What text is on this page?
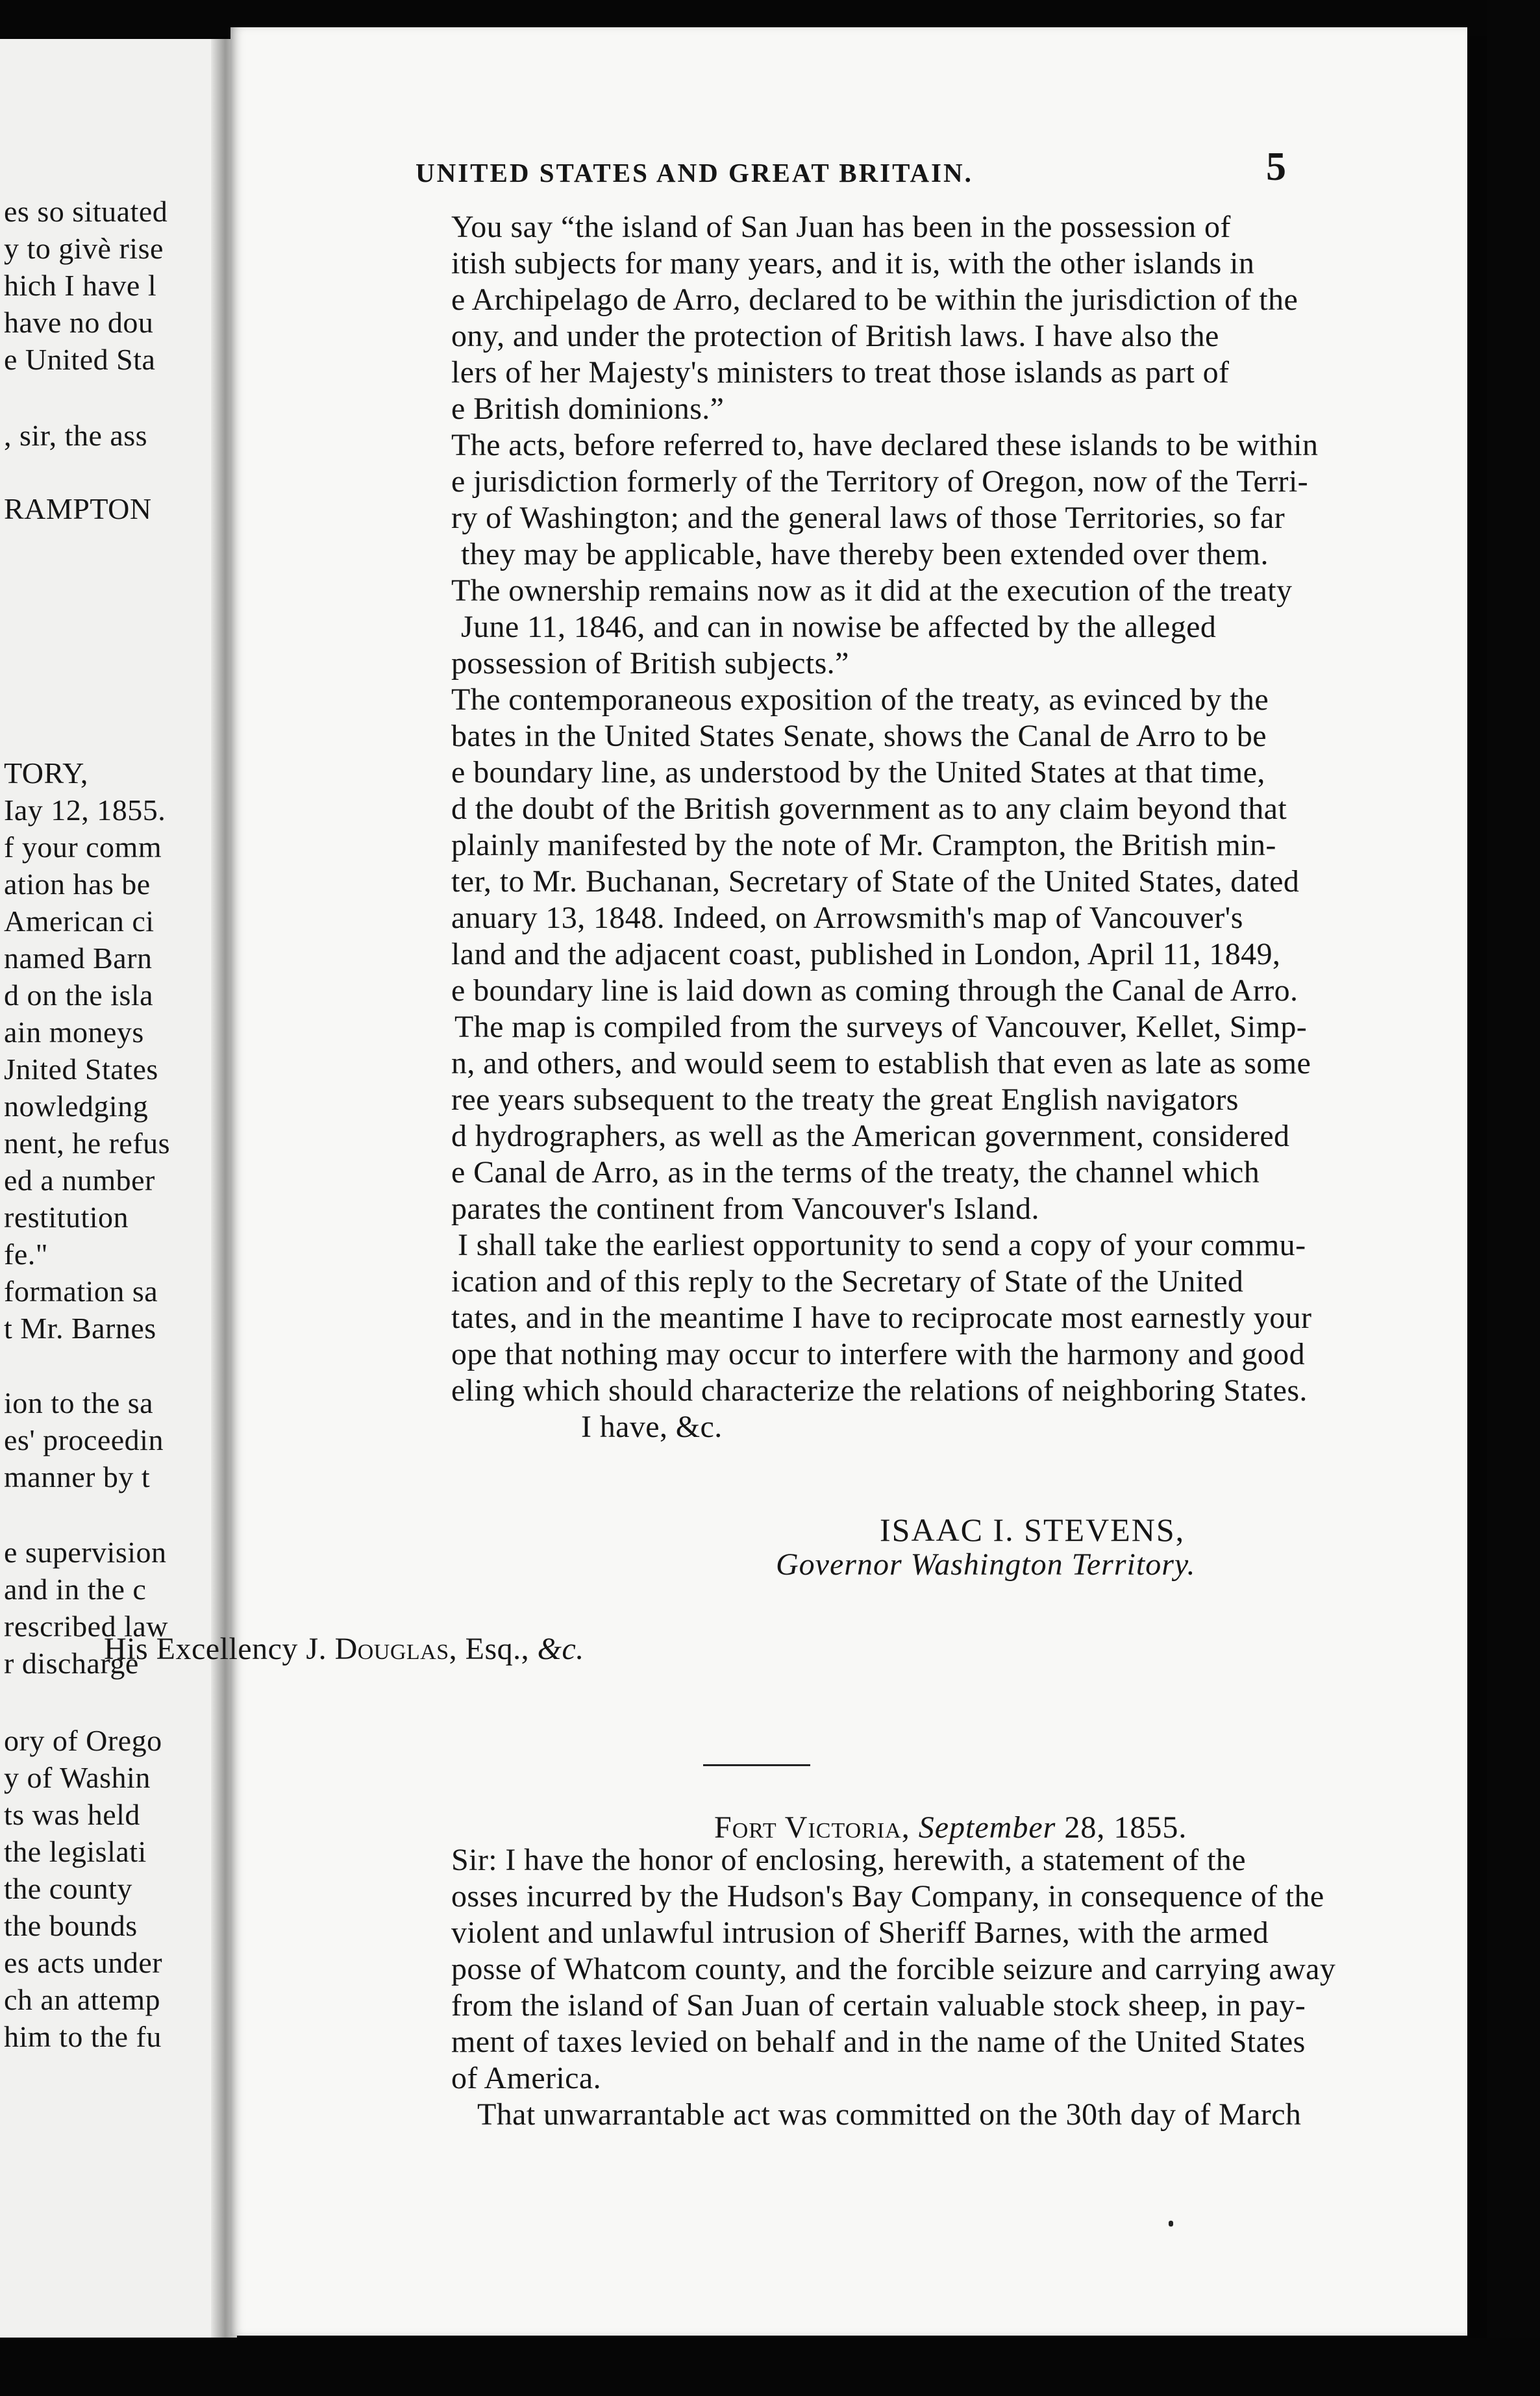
es so situated
y to givè rise
hich I have l
have no dou
e United Sta
, sir, the ass
RAMPTON
TORY,
Iay 12, 1855.
f your comm
ation has be
American ci
named Barn
d on the isla
ain moneys
Jnited States
nowledging
nent, he refus
ed a number
restitution
fe."
formation sa
t Mr. Barnes
ion to the sa
es' proceedin
manner by t
e supervision
and in the c
rescribed law
r discharge
ory of Orego
y of Washin
ts was held
the legislati
the county
the bounds
es acts under
ch an attemp
him to the fu
UNITED STATES AND GREAT BRITAIN.	5
You say “the island of San Juan has been in the possession of
itish subjects for many years, and it is, with the other islands in
e Archipelago de Arro, declared to be within the jurisdiction of the
ony, and under the protection of British laws. I have also the
lers of her Majesty's ministers to treat those islands as part of
e British dominions.”
The acts, before referred to, have declared these islands to be within
e jurisdiction formerly of the Territory of Oregon, now of the Terri-
ry of Washington; and the general laws of those Territories, so far
they may be applicable, have thereby been extended over them.
The ownership remains now as it did at the execution of the treaty
June 11, 1846, and can in nowise be affected by the alleged
possession of British subjects.”
The contemporaneous exposition of the treaty, as evinced by the
bates in the United States Senate, shows the Canal de Arro to be
e boundary line, as understood by the United States at that time,
d the doubt of the British government as to any claim beyond that
plainly manifested by the note of Mr. Crampton, the British min-
ter, to Mr. Buchanan, Secretary of State of the United States, dated
anuary 13, 1848. Indeed, on Arrowsmith's map of Vancouver's
land and the adjacent coast, published in London, April 11, 1849,
e boundary line is laid down as coming through the Canal de Arro.
The map is compiled from the surveys of Vancouver, Kellet, Simp-
n, and others, and would seem to establish that even as late as some
ree years subsequent to the treaty the great English navigators
d hydrographers, as well as the American government, considered
e Canal de Arro, as in the terms of the treaty, the channel which
parates the continent from Vancouver's Island.
I shall take the earliest opportunity to send a copy of your commu-
ication and of this reply to the Secretary of State of the United
tates, and in the meantime I have to reciprocate most earnestly your
ope that nothing may occur to interfere with the harmony and good
eling which should characterize the relations of neighboring States.
I have, &c.
ISAAC I. STEVENS,
Governor Washington Territory.
His Excellency J. Douglas, Esq., &c.
Fort Victoria, September 28, 1855.
Sir: I have the honor of enclosing, herewith, a statement of the
osses incurred by the Hudson's Bay Company, in consequence of the
violent and unlawful intrusion of Sheriff Barnes, with the armed
posse of Whatcom county, and the forcible seizure and carrying away
from the island of San Juan of certain valuable stock sheep, in pay-
ment of taxes levied on behalf and in the name of the United States
of America.
That unwarrantable act was committed on the 30th day of March
